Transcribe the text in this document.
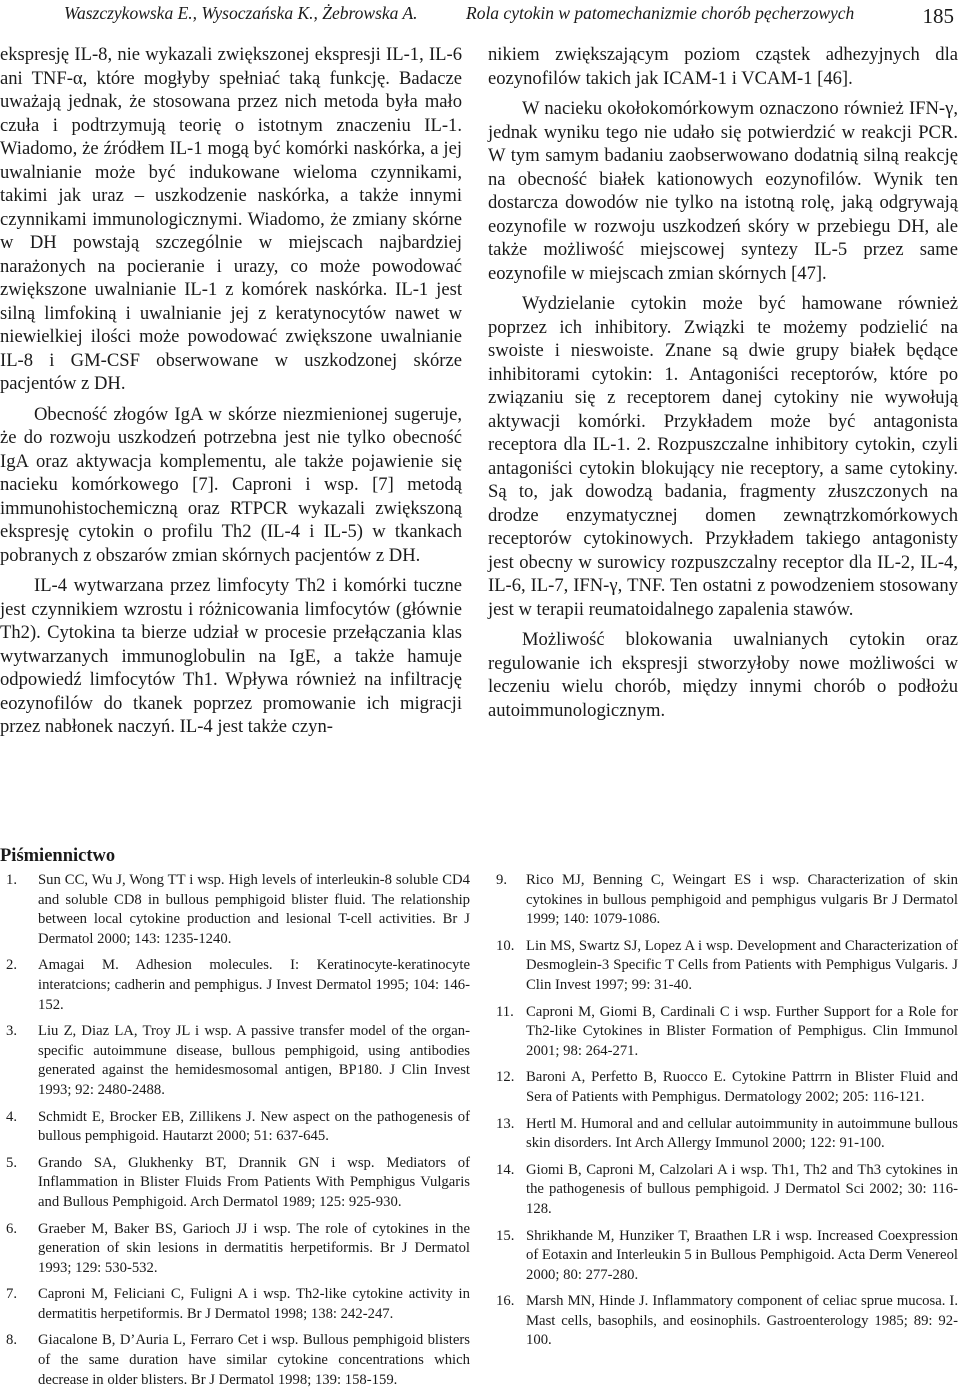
Waszczykowska E., Wysoczańska K., Żebrowska A.	Rola cytokin w patomechanizmie chorób pęcherzowych	185

ekspresję IL-8, nie wykazali zwiększonej ekspresji IL-1, IL-6 ani TNF-α, które mogłyby spełniać taką funkcję. Badacze uważają jednak, że stosowana przez nich metoda była mało czuła i podtrzymują teorię o istotnym znaczeniu IL-1. Wiadomo, że źródłem IL-1 mogą być komórki naskórka, a jej uwalnianie może być indukowane wieloma czynnikami, takimi jak uraz – uszkodzenie naskórka, a także innymi czynnikami immunologicznymi. Wiadomo, że zmiany skórne w DH powstają szczególnie w miejscach najbardziej narażonych na pocieranie i urazy, co może powodować zwiększone uwalnianie IL-1 z komórek naskórka. IL-1 jest silną limfokiną i uwalnianie jej z keratynocytów nawet w niewielkiej ilości może powodować zwiększone uwalnianie IL-8 i GM-CSF obserwowane w uszkodzonej skórze pacjentów z DH.

Obecność złogów IgA w skórze niezmienionej sugeruje, że do rozwoju uszkodzeń potrzebna jest nie tylko obecność IgA oraz aktywacja komplementu, ale także pojawienie się nacieku komórkowego [7]. Caproni i wsp. [7] metodą immunohistochemiczną oraz RTPCR wykazali zwiększoną ekspresję cytokin o profilu Th2 (IL-4 i IL-5) w tkankach pobranych z obszarów zmian skórnych pacjentów z DH.

IL-4 wytwarzana przez limfocyty Th2 i komórki tuczne jest czynnikiem wzrostu i różnicowania limfocytów (głównie Th2). Cytokina ta bierze udział w procesie przełączania klas wytwarzanych immunoglobulin na IgE, a także hamuje odpowiedź limfocytów Th1. Wpływa również na infiltrację eozynofilów do tkanek poprzez promowanie ich migracji przez nabłonek naczyń. IL-4 jest także czyn-

nikiem zwiększającym poziom cząstek adhezyjnych dla eozynofilów takich jak ICAM-1 i VCAM-1 [46].

W nacieku okołokomórkowym oznaczono również IFN-γ, jednak wyniku tego nie udało się potwierdzić w reakcji PCR. W tym samym badaniu zaobserwowano dodatnią silną reakcję na obecność białek kationowych eozynofilów. Wynik ten dostarcza dowodów nie tylko na istotną rolę, jaką odgrywają eozynofile w rozwoju uszkodzeń skóry w przebiegu DH, ale także możliwość miejscowej syntezy IL-5 przez same eozynofile w miejscach zmian skórnych [47].

Wydzielanie cytokin może być hamowane również poprzez ich inhibitory. Związki te możemy podzielić na swoiste i nieswoiste. Znane są dwie grupy białek będące inhibitorami cytokin: 1. Antagoniści receptorów, które po związaniu się z receptorem danej cytokiny nie wywołują aktywacji komórki. Przykładem może być antagonista receptora dla IL-1. 2. Rozpuszczalne inhibitory cytokin, czyli antagoniści cytokin blokujący nie receptory, a same cytokiny. Są to, jak dowodzą badania, fragmenty złuszczonych na drodze enzymatycznej domen zewnątrzkomórkowych receptorów cytokinowych. Przykładem takiego antagonisty jest obecny w surowicy rozpuszczalny receptor dla IL-2, IL-4, IL-6, IL-7, IFN-γ, TNF. Ten ostatni z powodzeniem stosowany jest w terapii reumatoidalnego zapalenia stawów.

Możliwość blokowania uwalnianych cytokin oraz regulowanie ich ekspresji stworzyłoby nowe możliwości w leczeniu wielu chorób, między innymi chorób o podłożu autoimmunologicznym.

Piśmiennictwo
1.	Sun CC, Wu J, Wong TT i wsp. High levels of interleukin-8 soluble CD4 and soluble CD8 in bullous pemphigoid blister fluid. The relationship between local cytokine production and lesional T-cell activities. Br J Dermatol 2000; 143: 1235-1240.
2.	Amagai M. Adhesion molecules. I: Keratinocyte-keratinocyte interatcions; cadherin and pemphigus. J Invest Dermatol 1995; 104: 146-152.
3.	Liu Z, Diaz LA, Troy JL i wsp. A passive transfer model of the organ-specific autoimmune disease, bullous pemphigoid, using antibodies generated against the hemidesmosomal antigen, BP180. J Clin Invest 1993; 92: 2480-2488.
4.	Schmidt E, Brocker EB, Zillikens J. New aspect on the pathogenesis of bullous pemphigoid. Hautarzt 2000; 51: 637-645.
5.	Grando SA, Glukhenky BT, Drannik GN i wsp. Mediators of Inflammation in Blister Fluids From Patients With Pemphigus Vulgaris and Bullous Pemphigoid. Arch Dermatol 1989; 125: 925-930.
6.	Graeber M, Baker BS, Garioch JJ i wsp. The role of cytokines in the generation of skin lesions in dermatitis herpetiformis. Br J Dermatol 1993; 129: 530-532.
7.	Caproni M, Feliciani C, Fuligni A i wsp. Th2-like cytokine activity in dermatitis herpetiformis. Br J Dermatol 1998; 138: 242-247.
8.	Giacalone B, D’Auria L, Ferraro Cet i wsp. Bullous pemphigoid blisters of the same duration have similar cytokine concentrations which decrease in older blisters. Br J Dermatol 1998; 139: 158-159.
9.	Rico MJ, Benning C, Weingart ES i wsp. Characterization of skin cytokines in bullous pemphigoid and pemphigus vulgaris Br J Dermatol 1999; 140: 1079-1086.
10. Lin MS, Swartz SJ, Lopez A i wsp. Development and Characterization of Desmoglein-3 Specific T Cells from Patients with Pemphigus Vulgaris. J Clin Invest 1997; 99: 31-40.
11. Caproni M, Giomi B, Cardinali C i wsp. Further Support for a Role for Th2-like Cytokines in Blister Formation of Pemphigus. Clin Immunol 2001; 98: 264-271.
12. Baroni A, Perfetto B, Ruocco E. Cytokine Pattrrn in Blister Fluid and Sera of Patients with Pemphigus. Dermatology 2002; 205: 116-121.
13. Hertl M. Humoral and and cellular autoimmunity in autoimmune bullous skin disorders. Int Arch Allergy Immunol 2000; 122: 91-100.
14. Giomi B, Caproni M, Calzolari A i wsp. Th1, Th2 and Th3 cytokines in the pathogenesis of bullous pemphigoid. J Dermatol Sci 2002; 30: 116-128.
15. Shrikhande M, Hunziker T, Braathen LR i wsp. Increased Coexpression of Eotaxin and Interleukin 5 in Bullous Pemphigoid. Acta Derm Venereol 2000; 80: 277-280.
16. Marsh MN, Hinde J. Inflammatory component of celiac sprue mucosa. I. Mast cells, basophils, and eosinophils. Gastroenterology 1985; 89: 92-100.
